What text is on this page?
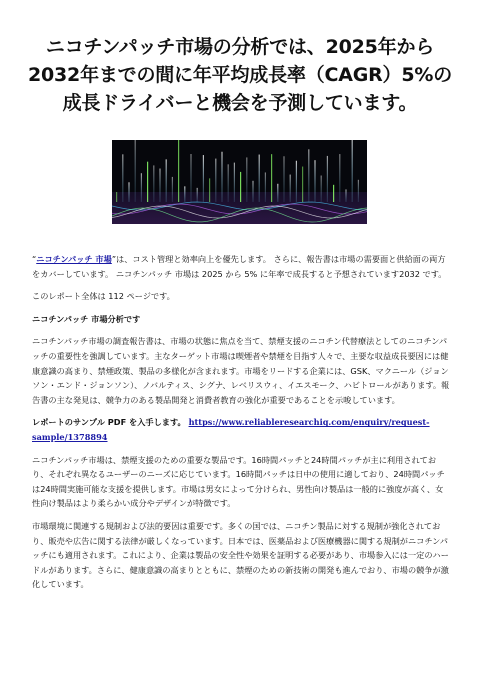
ニコチンパッチ市場の分析では、2025年から2032年までの間に年平均成長率（CAGR）5%の成長ドライバーと機会を予測しています。

“ニコチンパッチ 市場”は、コスト管理と効率向上を優先します。 さらに、報告書は市場の需要面と供給面の両方をカバーしています。 ニコチンパッチ 市場は 2025 から 5% に年率で成長すると予想されています2032 です。

このレポート全体は 112 ページです。

ニコチンパッチ 市場分析です

ニコチンパッチ市場の調査報告書は、市場の状態に焦点を当て、禁煙支援のニコチン代替療法としてのニコチンパッチの重要性を強調しています。主なターゲット市場は喫煙者や禁煙を目指す人々で、主要な収益成長要因には健康意識の高まり、禁煙政策、製品の多様化が含まれます。市場をリードする企業には、GSK、マクニール（ジョンソン・エンド・ジョンソン）、ノバルティス、シグナ、レベリスウィ、イエスモーク、ハビトロールがあります。報告書の主な発見は、競争力のある製品開発と消費者教育の強化が重要であることを示唆しています。

レポートのサンプル PDF を入手します。 https://www.reliableresearchiq.com/enquiry/request-sample/1378894

ニコチンパッチ市場は、禁煙支援のための重要な製品です。16時間パッチと24時間パッチが主に利用されており、それぞれ異なるユーザーのニーズに応じています。16時間パッチは日中の使用に適しており、24時間パッチは24時間実施可能な支援を提供します。市場は男女によって分けられ、男性向け製品は一般的に強度が高く、女性向け製品はより柔らかい成分やデザインが特徴です。

市場環境に関連する規制および法的要因は重要です。多くの国では、ニコチン製品に対する規制が強化されており、販売や広告に関する法律が厳しくなっています。日本では、医薬品および医療機器に関する規制がニコチンパッチにも適用されます。これにより、企業は製品の安全性や効果を証明する必要があり、市場参入には一定のハードルがあります。さらに、健康意識の高まりとともに、禁煙のための新技術の開発も進んでおり、市場の競争が激化しています。
